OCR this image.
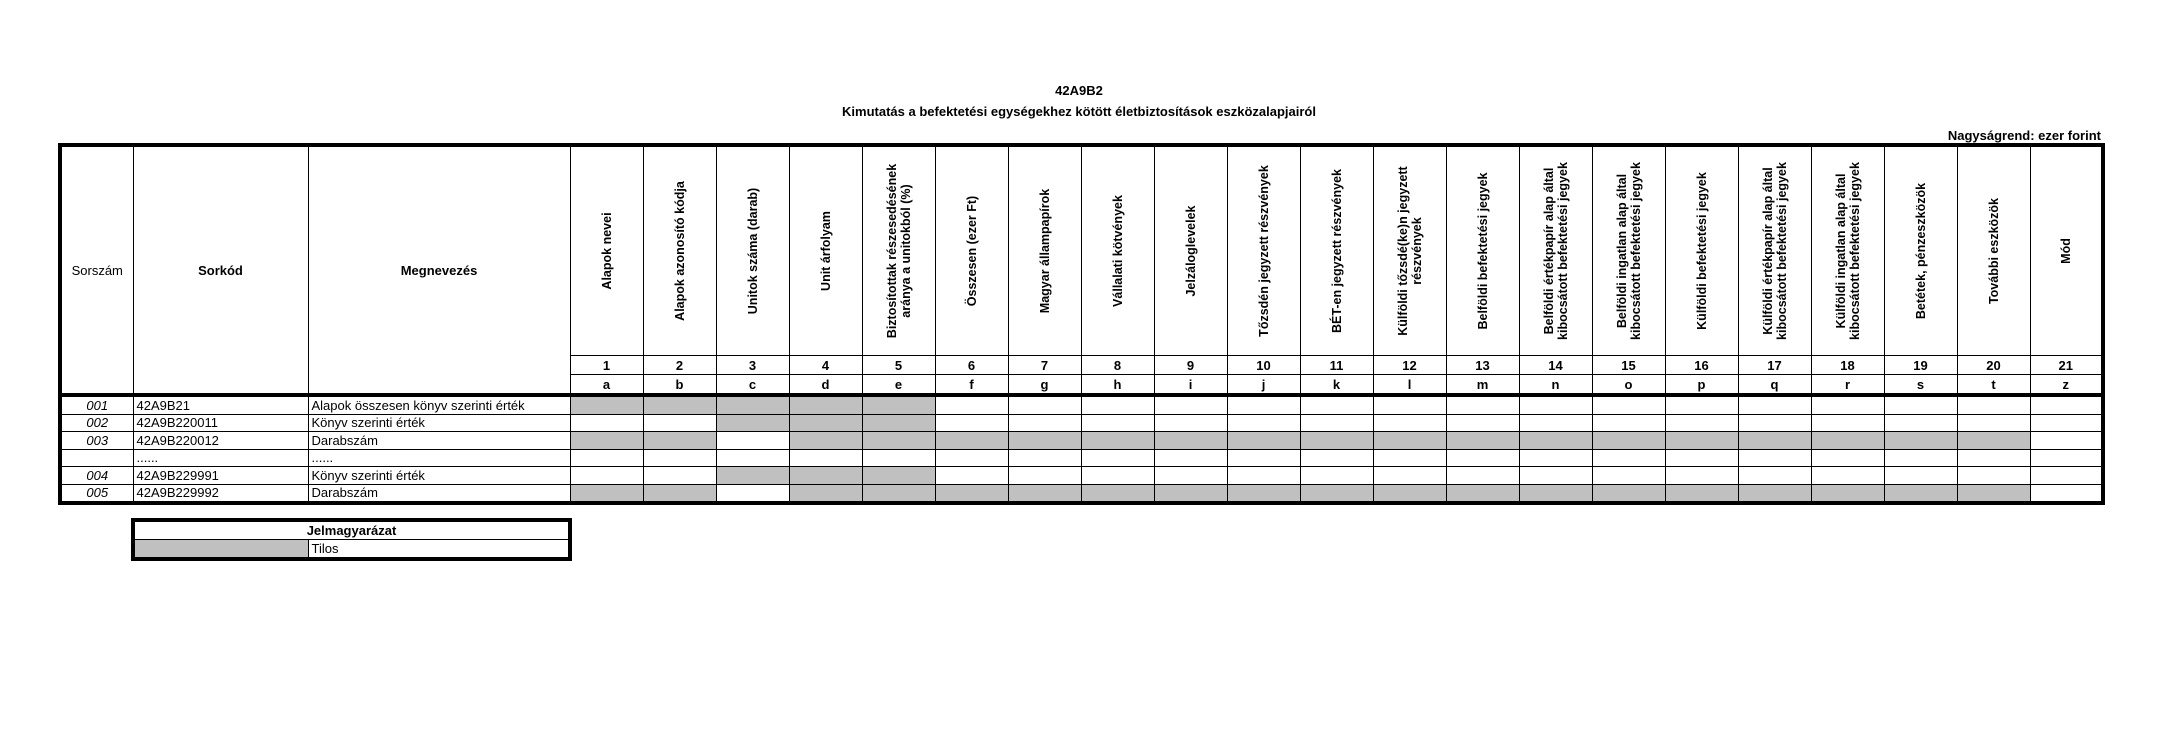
42A9B2
Kimutatás a befektetési egységekhez kötött életbiztosítások eszközalapjairól
Nagyságrend: ezer forint
Sorszám	Sorkód	Megnevezés	Alapok nevei	Alapok azonosító kódja	Unitok száma (darab)	Unit árfolyam	Biztosítottak részesedésének aránya a unitokból (%)	Összesen (ezer Ft)	Magyar állampapírok	Vállalati kötvények	Jelzáloglevelek	Tőzsdén jegyzett részvények	BÉT-en jegyzett részvények	Külföldi tőzsdé(ke)n jegyzett részvények	Belföldi befektetési jegyek	Belföldi értékpapír alap által kibocsátott befektetési jegyek	Belföldi ingatlan alap által kibocsátott befektetési jegyek	Külföldi befektetési jegyek	Külföldi értékpapír alap által kibocsátott befektetési jegyek	Külföldi ingatlan alap által kibocsátott befektetési jegyek	Betétek, pénzeszközök	További eszközök	Mód

			1	2	3	4	5	6	7	8	9	10	11	12	13	14	15	16	17	18	19	20	21
			a	b	c	d	e	f	g	h	i	j	k	l	m	n	o	p	q	r	s	t	z
001	42A9B21	Alapok összesen könyv szerinti érték																					
002	42A9B220011	Könyv szerinti érték																					
003	42A9B220012	Darabszám																					
	......	......																					
004	42A9B229991	Könyv szerinti érték																					
005	42A9B229992	Darabszám																					
Jelmagyarázat
	Tilos
